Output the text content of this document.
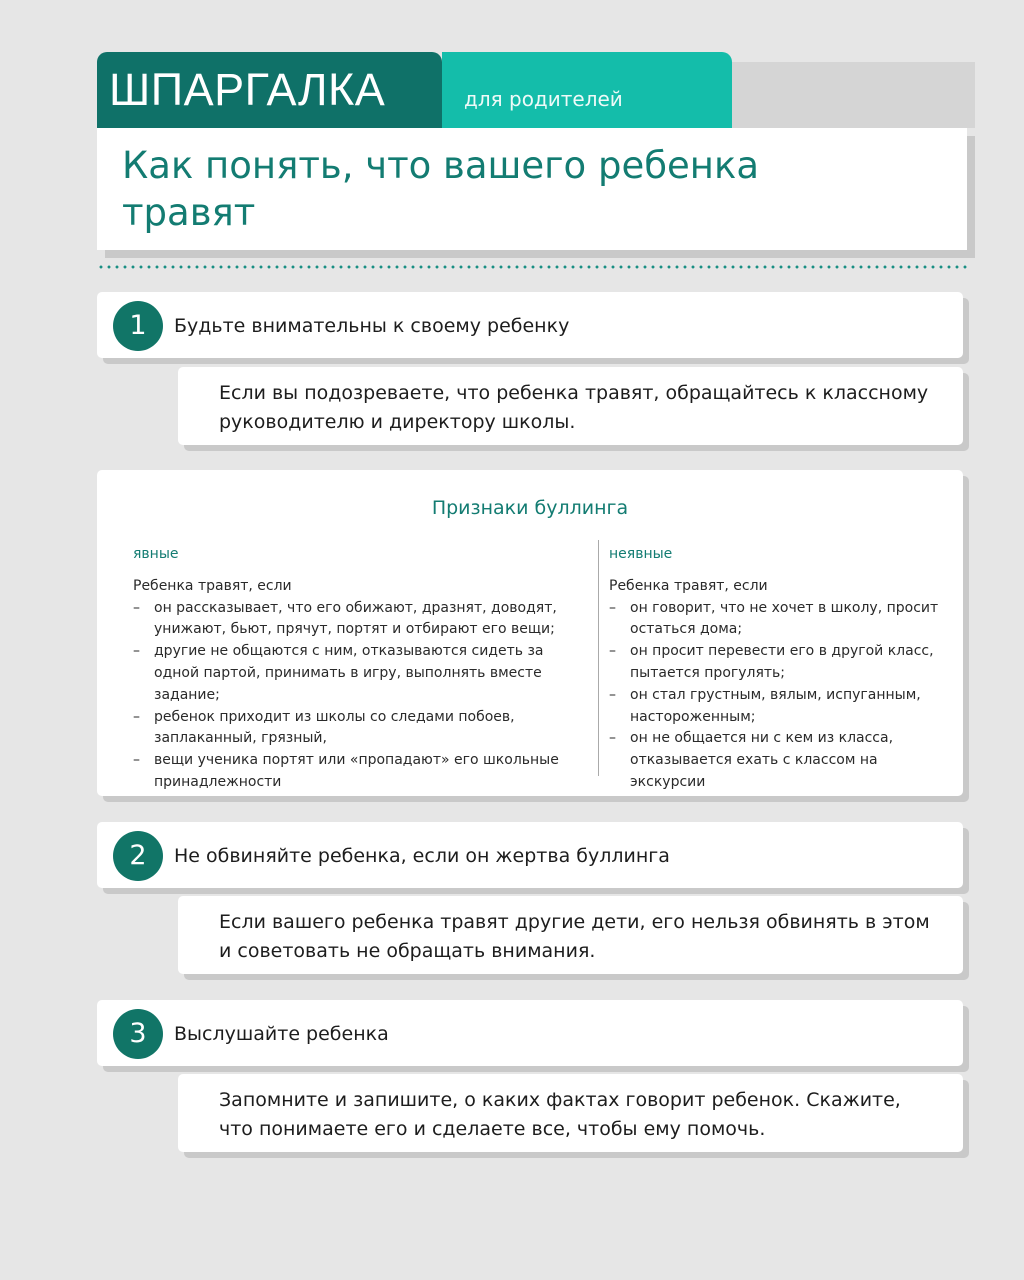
ШПАРГАЛКА	для родителей
Как понять, что вашего ребенка
травят
1	Будьте внимательны к своему ребенку

Если вы подозреваете, что ребенка травят, обращайтесь к классному руководителю и директору школы.

Признаки буллинга
явные
Ребенка травят, если
– он рассказывает, что его обижают, дразнят, доводят, унижают, бьют, прячут, портят и отбирают его вещи;
– другие не общаются с ним, отказываются сидеть за одной партой, принимать в игру, выполнять вместе задание;
– ребенок приходит из школы со следами побоев, заплаканный, грязный,
– вещи ученика портят или «пропадают» его школьные принадлежности
неявные
Ребенка травят, если
– он говорит, что не хочет в школу, просит остаться дома;
– он просит перевести его в другой класс, пытается прогулять;
– он стал грустным, вялым, испуганным, настороженным;
– он не общается ни с кем из класса, отказывается ехать с классом на экскурсии
2	Не обвиняйте ребенка, если он жертва буллинга

Если вашего ребенка травят другие дети, его нельзя обвинять в этом и советовать не обращать внимания.

3	Выслушайте ребенка

Запомните и запишите, о каких фактах говорит ребенок. Скажите, что понимаете его и сделаете все, чтобы ему помочь.
